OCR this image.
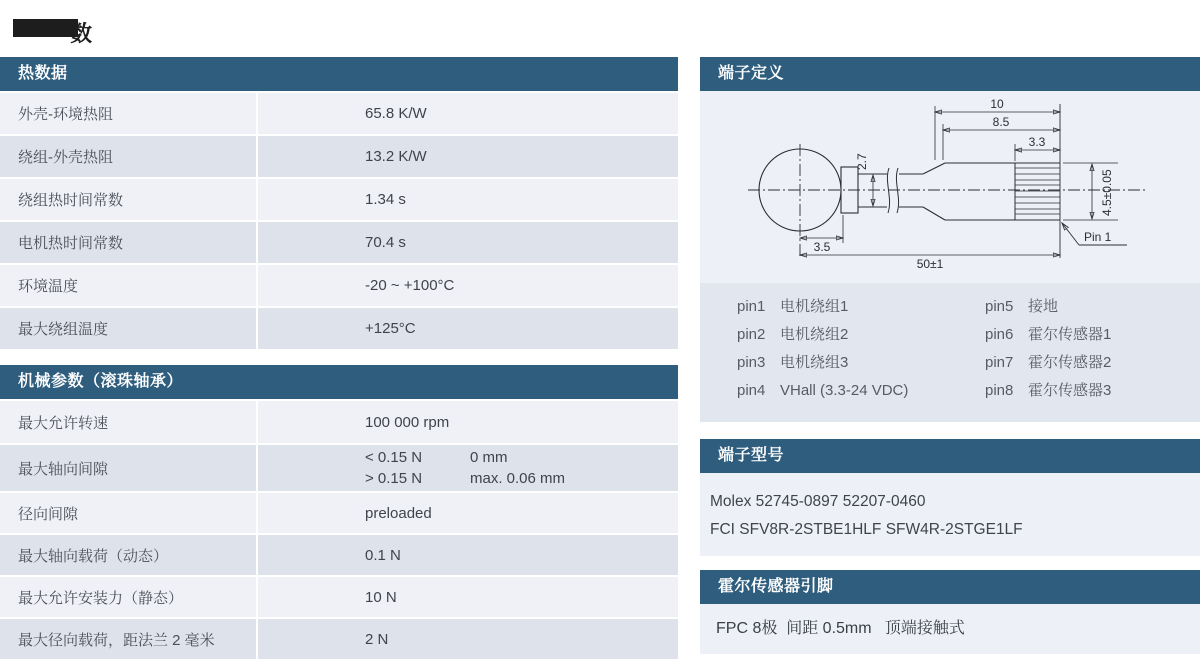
数
热数据
外壳-环境热阻	65.8 K/W
绕组-外壳热阻	13.2 K/W
绕组热时间常数	1.34 s
电机热时间常数	70.4 s
环境温度	-20 ~ +100°C
最大绕组温度	+125°C
机械参数（滚珠轴承）
最大允许转速	100 000 rpm
最大轴向间隙
< 0.15 N	0 mm
> 0.15 N	max. 0.06 mm
径向间隙	preloaded
最大轴向载荷（动态）	0.1 N
最大允许安装力（静态）	10 N
最大径向载荷，距法兰 2 毫米	2 N
端子定义
10
8.5
3.3
2.7
4.5±0.05
Pin 1
3.5
50±1
pin1 电机绕组1	pin5 接地
pin2 电机绕组2	pin6 霍尔传感器1
pin3 电机绕组3	pin7 霍尔传感器2
pin4 VHall (3.3-24 VDC)	pin8 霍尔传感器3
端子型号
Molex 52745-0897 52207-0460
FCI SFV8R-2STBE1HLF SFW4R-2STGE1LF
霍尔传感器引脚
FPC 8极  间距 0.5mm   顶端接触式
